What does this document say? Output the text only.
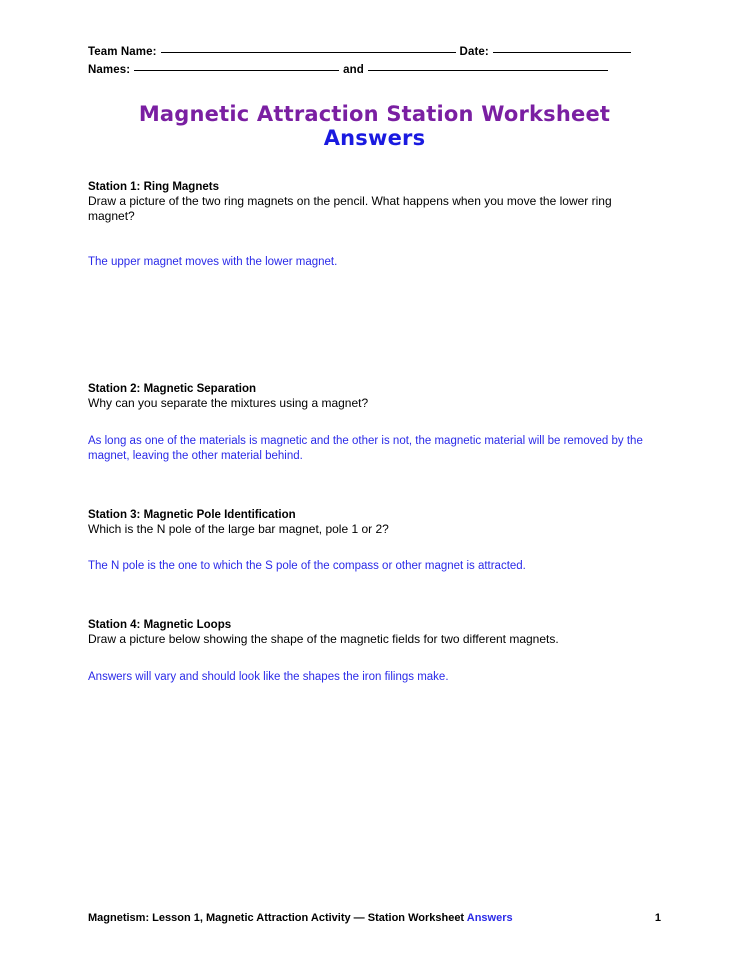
Team Name:	Date:
Names:	and
Magnetic Attraction Station Worksheet Answers
Station 1: Ring Magnets
Draw a picture of the two ring magnets on the pencil. What happens when you move the lower ring magnet?
The upper magnet moves with the lower magnet.
Station 2: Magnetic Separation
Why can you separate the mixtures using a magnet?
As long as one of the materials is magnetic and the other is not, the magnetic material will be removed by the magnet, leaving the other material behind.
Station 3: Magnetic Pole Identification
Which is the N pole of the large bar magnet, pole 1 or 2?
The N pole is the one to which the S pole of the compass or other magnet is attracted.
Station 4: Magnetic Loops
Draw a picture below showing the shape of the magnetic fields for two different magnets.
Answers will vary and should look like the shapes the iron filings make.
Magnetism: Lesson 1, Magnetic Attraction Activity — Station Worksheet Answers	1
